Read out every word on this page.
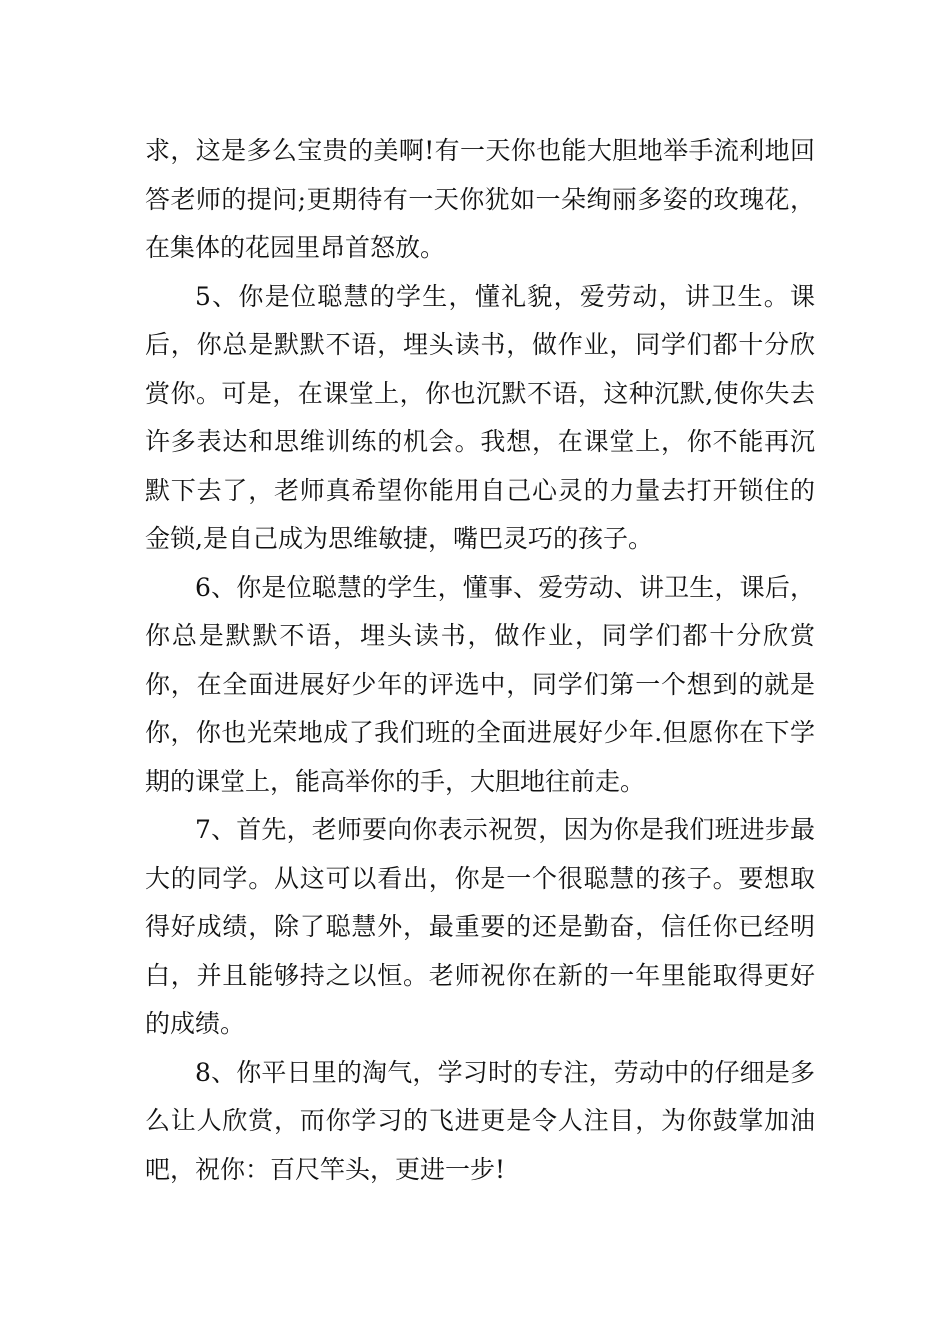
求，这是多么宝贵的美啊!有一天你也能大胆地举手流利地回答老师的提问;更期待有一天你犹如一朵绚丽多姿的玫瑰花，在集体的花园里昂首怒放。

5、你是位聪慧的学生，懂礼貌，爱劳动，讲卫生。课后，你总是默默不语，埋头读书，做作业，同学们都十分欣赏你。可是，在课堂上，你也沉默不语，这种沉默,使你失去许多表达和思维训练的机会。我想，在课堂上，你不能再沉默下去了，老师真希望你能用自己心灵的力量去打开锁住的金锁,是自己成为思维敏捷，嘴巴灵巧的孩子。

6、你是位聪慧的学生，懂事、爱劳动、讲卫生，课后，你总是默默不语，埋头读书，做作业，同学们都十分欣赏你，在全面进展好少年的评选中，同学们第一个想到的就是你，你也光荣地成了我们班的全面进展好少年.但愿你在下学期的课堂上，能高举你的手，大胆地往前走。

7、首先，老师要向你表示祝贺，因为你是我们班进步最大的同学。从这可以看出，你是一个很聪慧的孩子。要想取得好成绩，除了聪慧外，最重要的还是勤奋，信任你已经明白，并且能够持之以恒。老师祝你在新的一年里能取得更好的成绩。

8、你平日里的淘气，学习时的专注，劳动中的仔细是多么让人欣赏，而你学习的飞进更是令人注目，为你鼓掌加油吧，祝你：百尺竿头，更进一步!
